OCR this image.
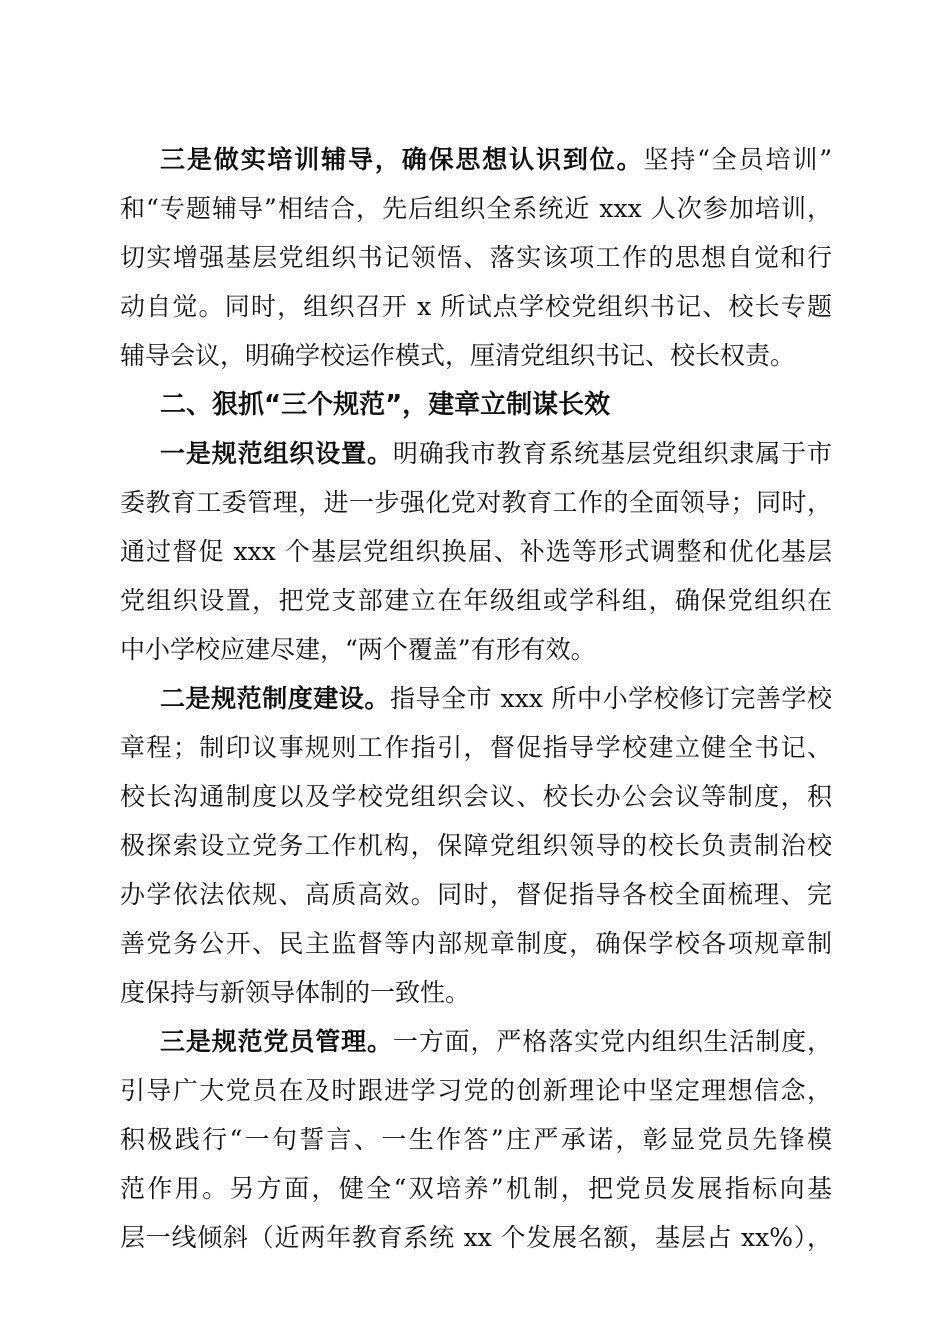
三是做实培训辅导，确保思想认识到位。坚持“全员培训”
和“专题辅导”相结合，先后组织全系统近 xxx 人次参加培训，
切实增强基层党组织书记领悟、落实该项工作的思想自觉和行
动自觉。同时，组织召开 x 所试点学校党组织书记、校长专题
辅导会议，明确学校运作模式，厘清党组织书记、校长权责。
二、狠抓“三个规范”，建章立制谋长效
一是规范组织设置。明确我市教育系统基层党组织隶属于市
委教育工委管理，进一步强化党对教育工作的全面领导；同时，
通过督促 xxx 个基层党组织换届、补选等形式调整和优化基层
党组织设置，把党支部建立在年级组或学科组，确保党组织在
中小学校应建尽建，“两个覆盖”有形有效。
二是规范制度建设。指导全市 xxx 所中小学校修订完善学校
章程；制印议事规则工作指引，督促指导学校建立健全书记、
校长沟通制度以及学校党组织会议、校长办公会议等制度，积
极探索设立党务工作机构，保障党组织领导的校长负责制治校
办学依法依规、高质高效。同时，督促指导各校全面梳理、完
善党务公开、民主监督等内部规章制度，确保学校各项规章制
度保持与新领导体制的一致性。
三是规范党员管理。一方面，严格落实党内组织生活制度，
引导广大党员在及时跟进学习党的创新理论中坚定理想信念，
积极践行“一句誓言、一生作答”庄严承诺，彰显党员先锋模
范作用。另方面，健全“双培养”机制，把党员发展指标向基
层一线倾斜（近两年教育系统 xx 个发展名额，基层占 xx%），
